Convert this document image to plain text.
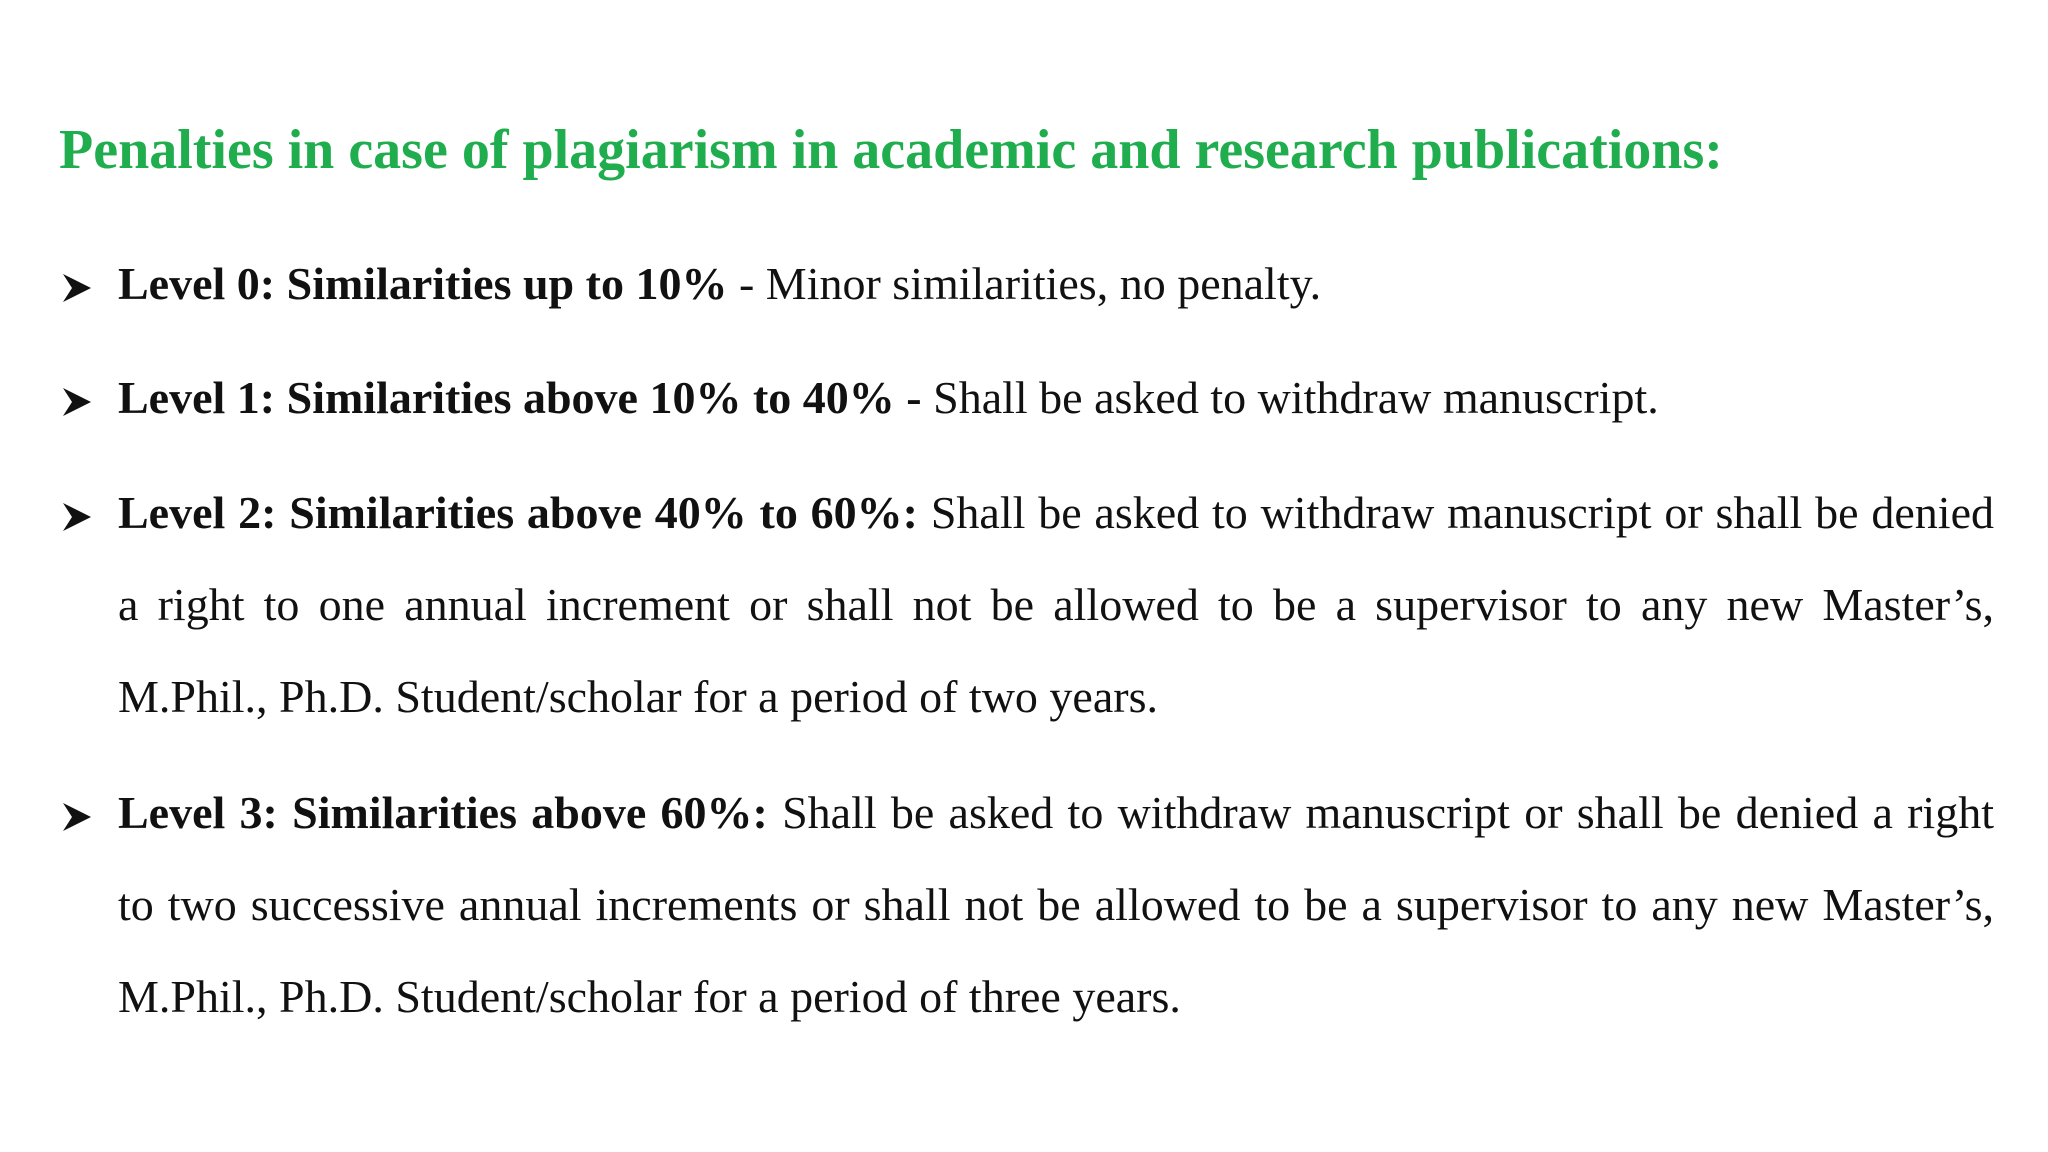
Penalties in case of plagiarism in academic and research publications:
Level 0: Similarities up to 10% - Minor similarities, no penalty.
Level 1: Similarities above 10% to 40% - Shall be asked to withdraw manuscript.
Level 2: Similarities above 40% to 60%: Shall be asked to withdraw manuscript or shall be denied a right to one annual increment or shall not be allowed to be a supervisor to any new Master’s, M.Phil., Ph.D. Student/scholar for a period of two years.
Level 3: Similarities above 60%: Shall be asked to withdraw manuscript or shall be denied a right to two successive annual increments or shall not be allowed to be a supervisor to any new Master’s, M.Phil., Ph.D. Student/scholar for a period of three years.
